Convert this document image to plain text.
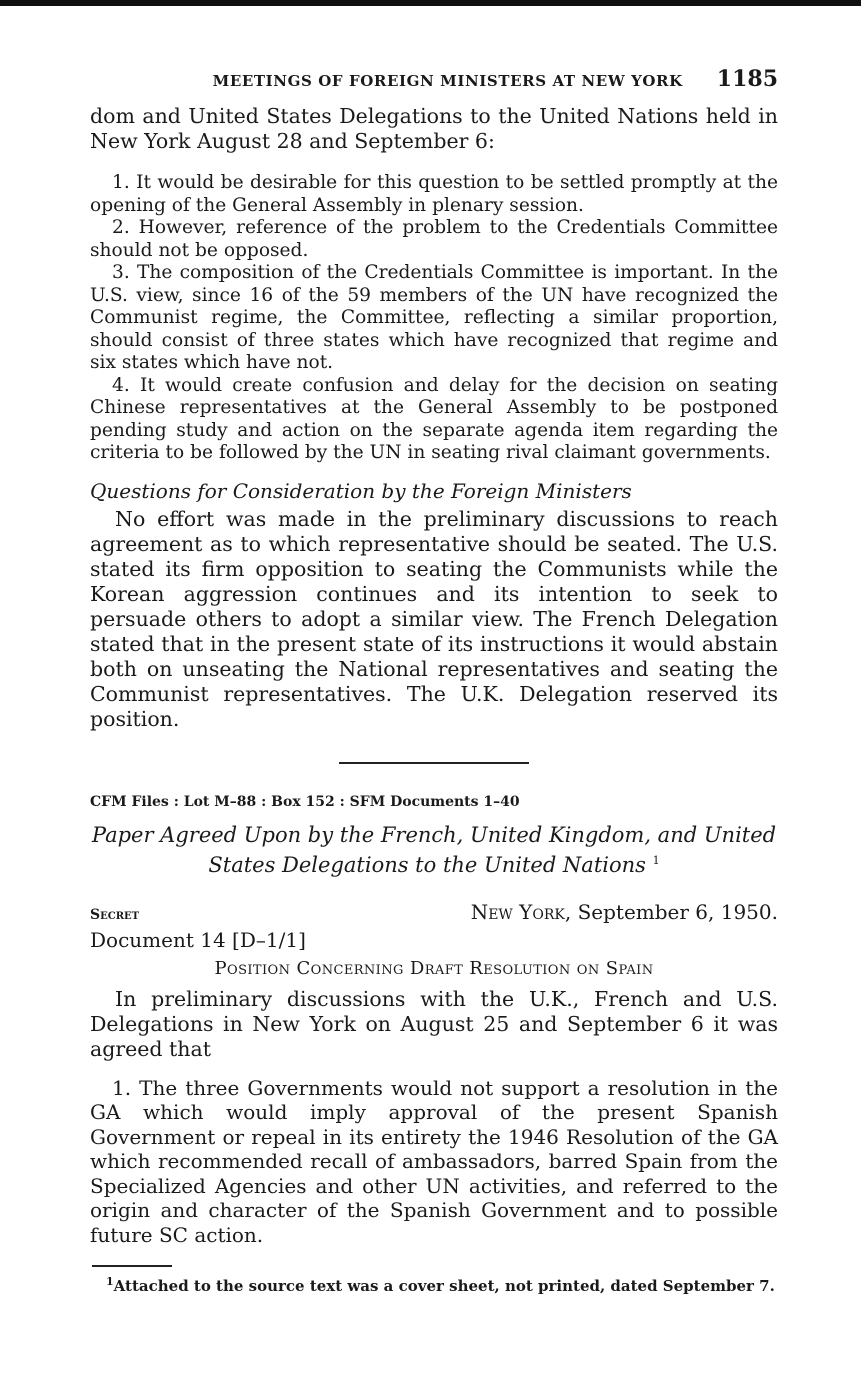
MEETINGS OF FOREIGN MINISTERS AT NEW YORK 1185

dom and United States Delegations to the United Nations held in New York August 28 and September 6:

1. It would be desirable for this question to be settled promptly at the opening of the General Assembly in plenary session.

2. However, reference of the problem to the Credentials Committee should not be opposed.

3. The composition of the Credentials Committee is important. In the U.S. view, since 16 of the 59 members of the UN have recognized the Communist regime, the Committee, reflecting a similar proportion, should consist of three states which have recognized that regime and six states which have not.

4. It would create confusion and delay for the decision on seating Chinese representatives at the General Assembly to be postponed pending study and action on the separate agenda item regarding the criteria to be followed by the UN in seating rival claimant governments.

Questions for Consideration by the Foreign Ministers

No effort was made in the preliminary discussions to reach agreement as to which representative should be seated. The U.S. stated its firm opposition to seating the Communists while the Korean aggression continues and its intention to seek to persuade others to adopt a similar view. The French Delegation stated that in the present state of its instructions it would abstain both on unseating the National representatives and seating the Communist representatives. The U.K. Delegation reserved its position.

CFM Files : Lot M–88 : Box 152 : SFM Documents 1–40

Paper Agreed Upon by the French, United Kingdom, and United States Delegations to the United Nations $^1$

Secret	New York, September 6, 1950.

Document 14 [D–1/1]

Position Concerning Draft Resolution on Spain

In preliminary discussions with the U.K., French and U.S. Delegations in New York on August 25 and September 6 it was agreed that

1. The three Governments would not support a resolution in the GA which would imply approval of the present Spanish Government or repeal in its entirety the 1946 Resolution of the GA which recommended recall of ambassadors, barred Spain from the Specialized Agencies and other UN activities, and referred to the origin and character of the Spanish Government and to possible future SC action.

$^1$Attached to the source text was a cover sheet, not printed, dated September 7.
